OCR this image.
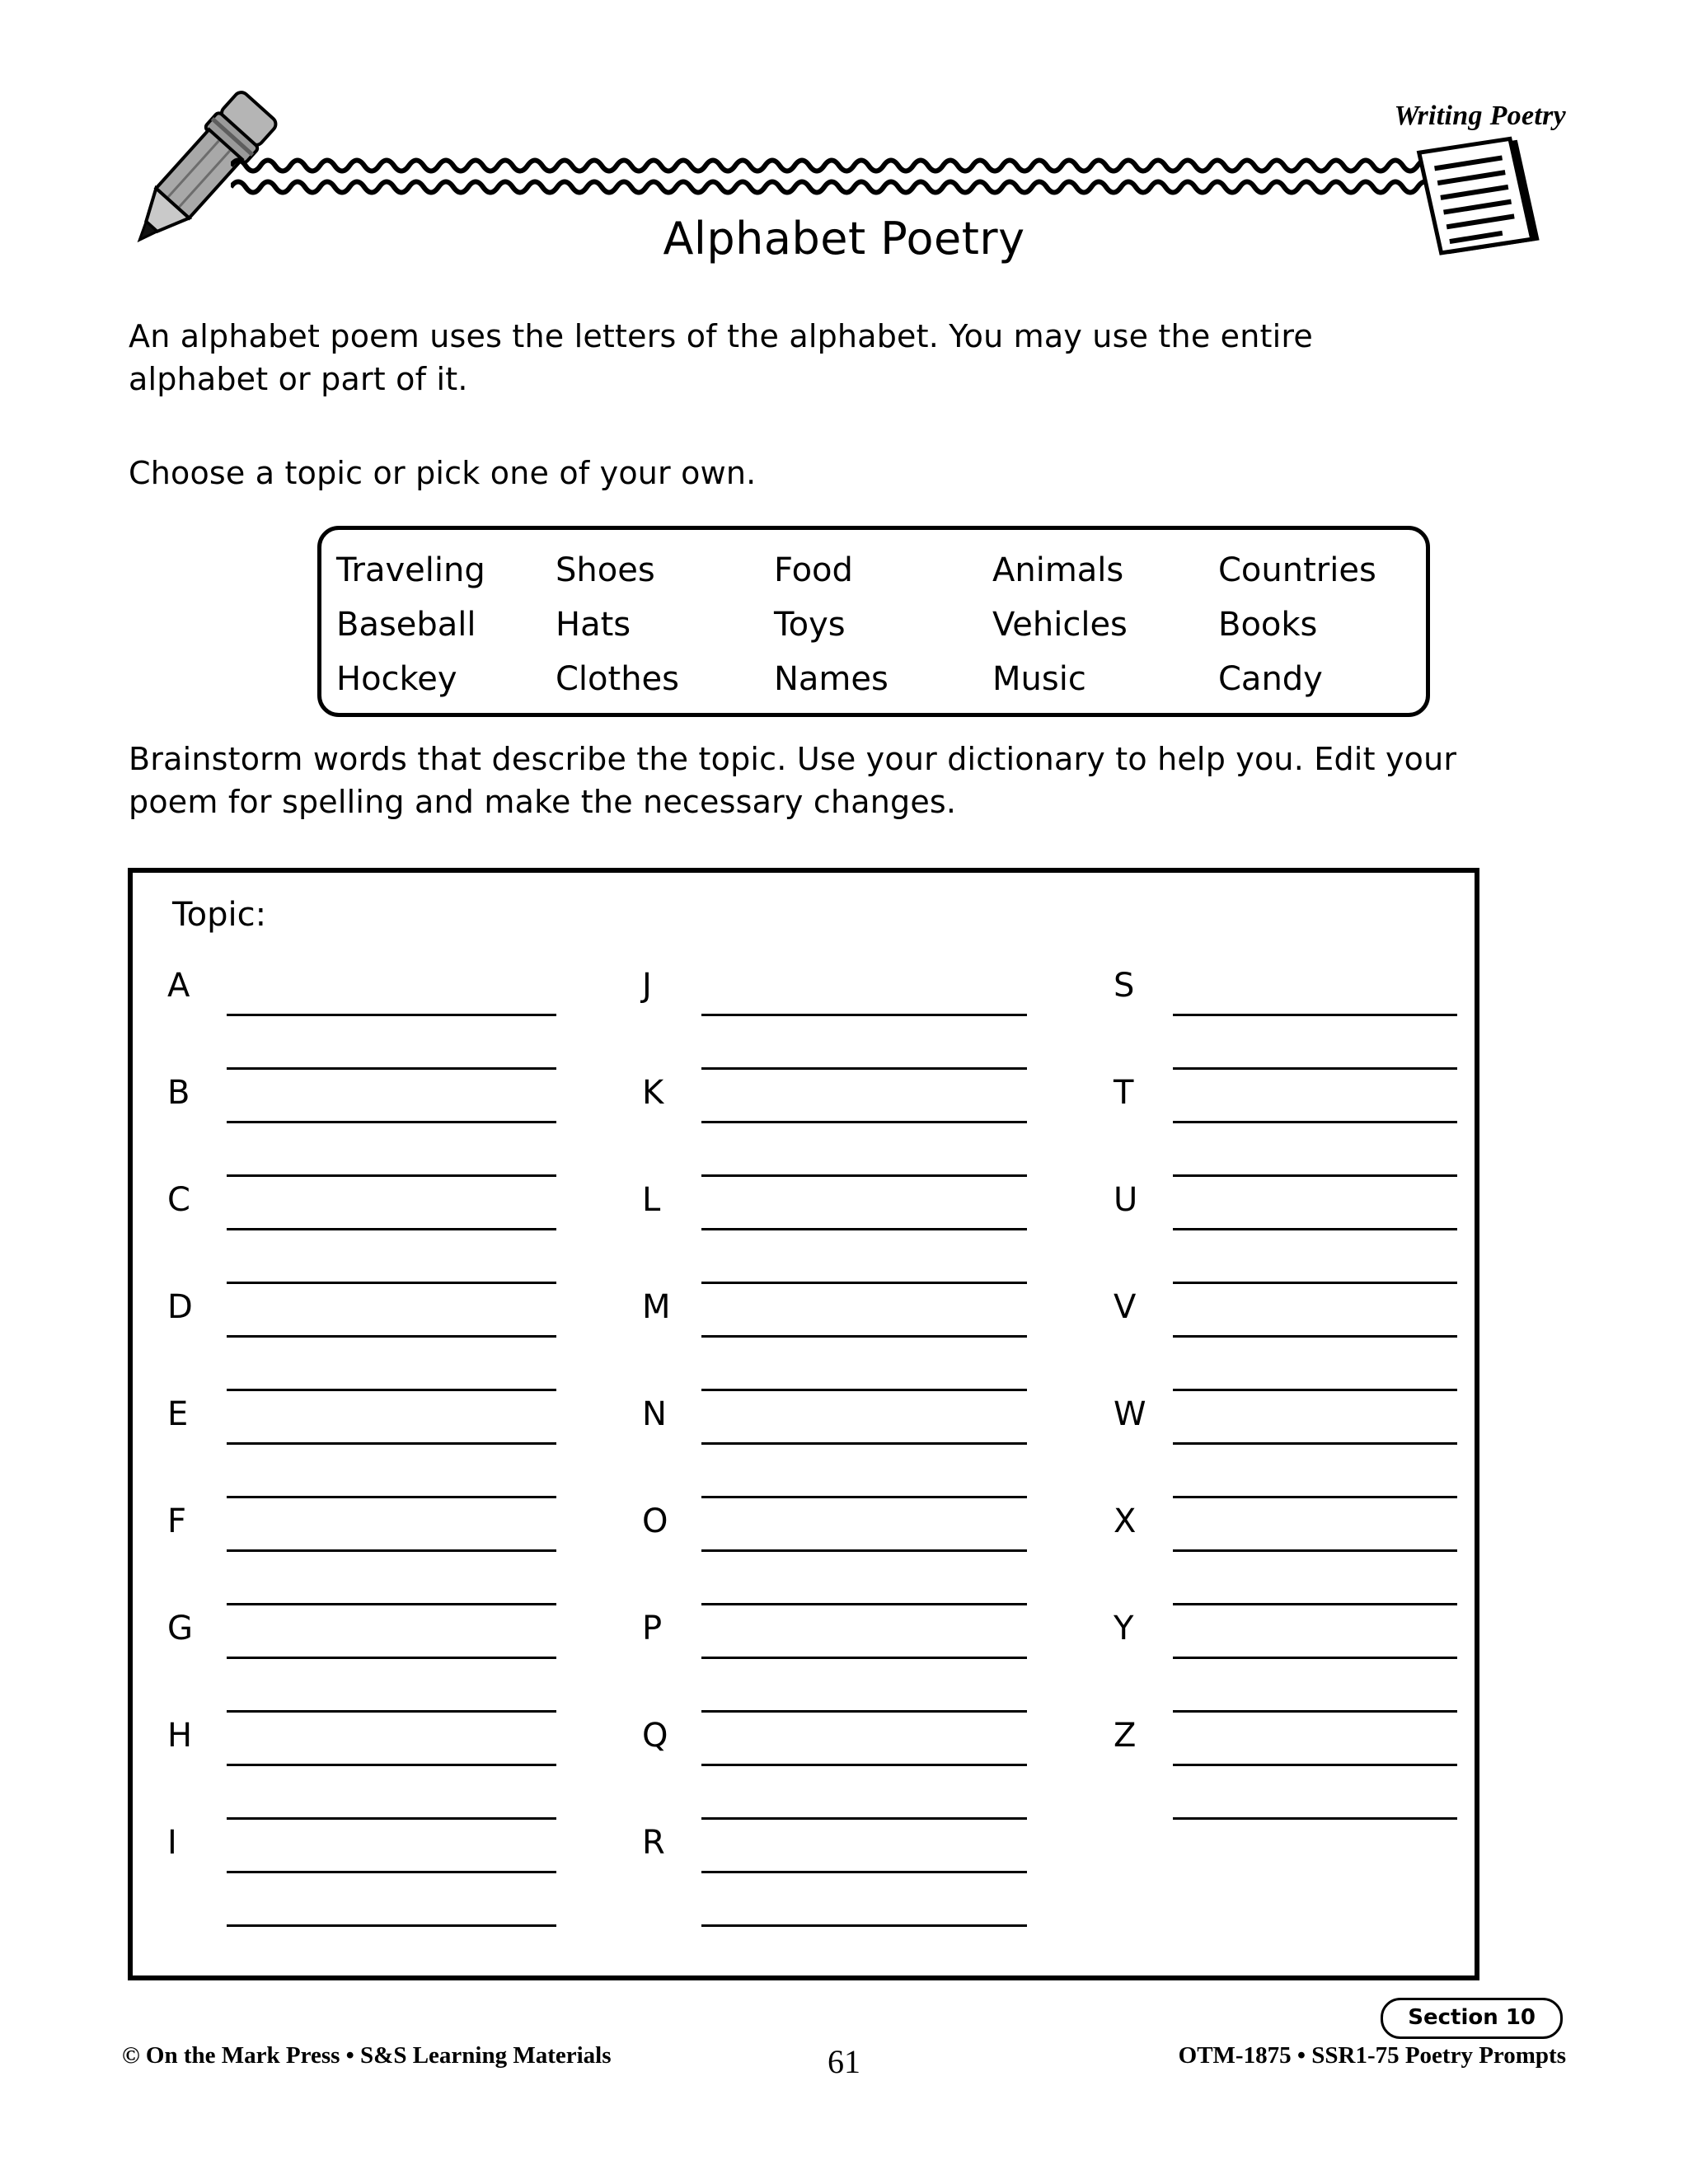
Writing Poetry
Alphabet Poetry
An alphabet poem uses the letters of the alphabet. You may use the entire alphabet or part of it.
Choose a topic or pick one of your own.
Traveling	Shoes	Food	Animals	Countries
Baseball	Hats	Toys	Vehicles	Books
Hockey	Clothes	Names	Music	Candy
Brainstorm words that describe the topic. Use your dictionary to help you. Edit your poem for spelling and make the necessary changes.
Topic:
A
B
C
D
E
F
G
H
I
J
K
L
M
N
O
P
Q
R
S
T
U
V
W
X
Y
Z
Section 10
© On the Mark Press • S&S Learning Materials	61	OTM-1875 • SSR1-75 Poetry Prompts
